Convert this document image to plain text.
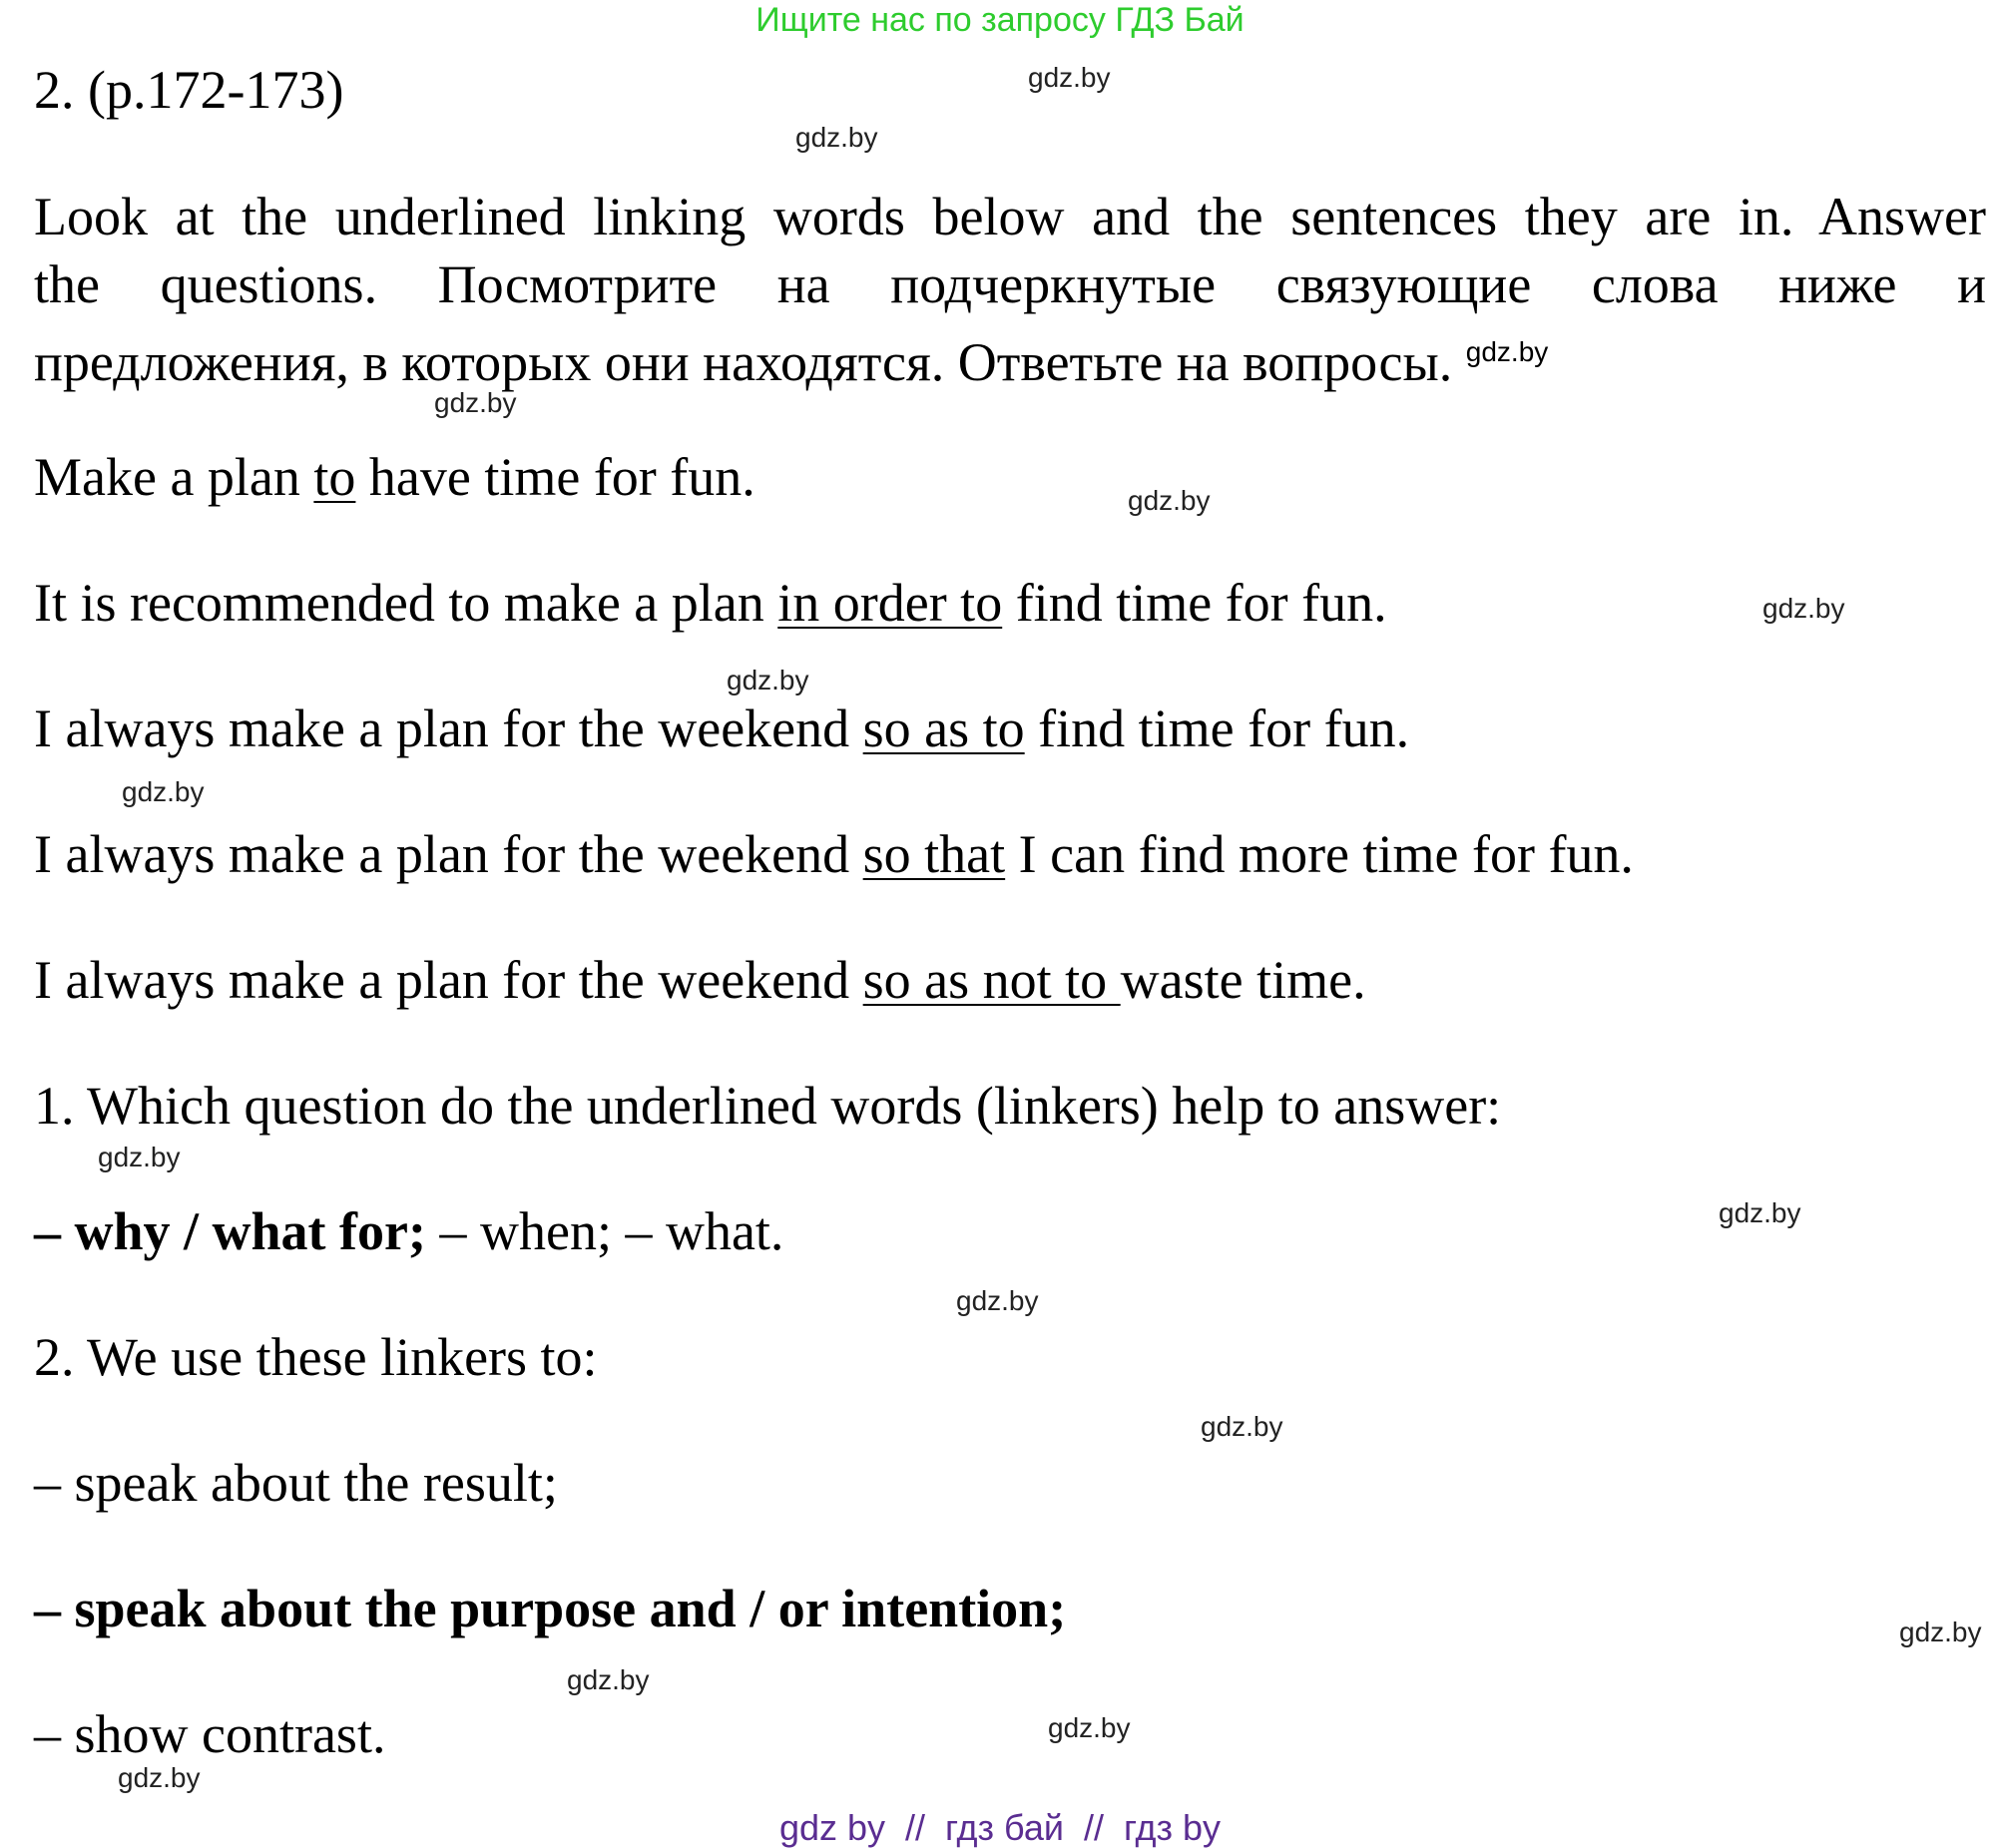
Ищите нас по запросу ГДЗ Бай
2. (p.172-173)
Look at the underlined linking words below and the sentences they are in. Answer
the questions. Посмотрите на подчеркнутые связующие слова ниже и
предложения, в которых они находятся. Ответьте на вопросы. $^{gdz.by}$
Make a plan to have time for fun.
It is recommended to make a plan in order to find time for fun.
I always make a plan for the weekend so as to find time for fun.
I always make a plan for the weekend so that I can find more time for fun.
I always make a plan for the weekend so as not to waste time.
1. Which question do the underlined words (linkers) help to answer:
– why / what for; – when; – what.
2. We use these linkers to:
– speak about the result;
– speak about the purpose and / or intention;
– show contrast.
gdz.by
gdz.by
gdz.by
gdz.by
gdz.by
gdz.by
gdz.by
gdz.by
gdz.by
gdz.by
gdz.by
gdz.by
gdz.by
gdz.by
gdz.by
gdz by  //  гдз бай  //  гдз by
